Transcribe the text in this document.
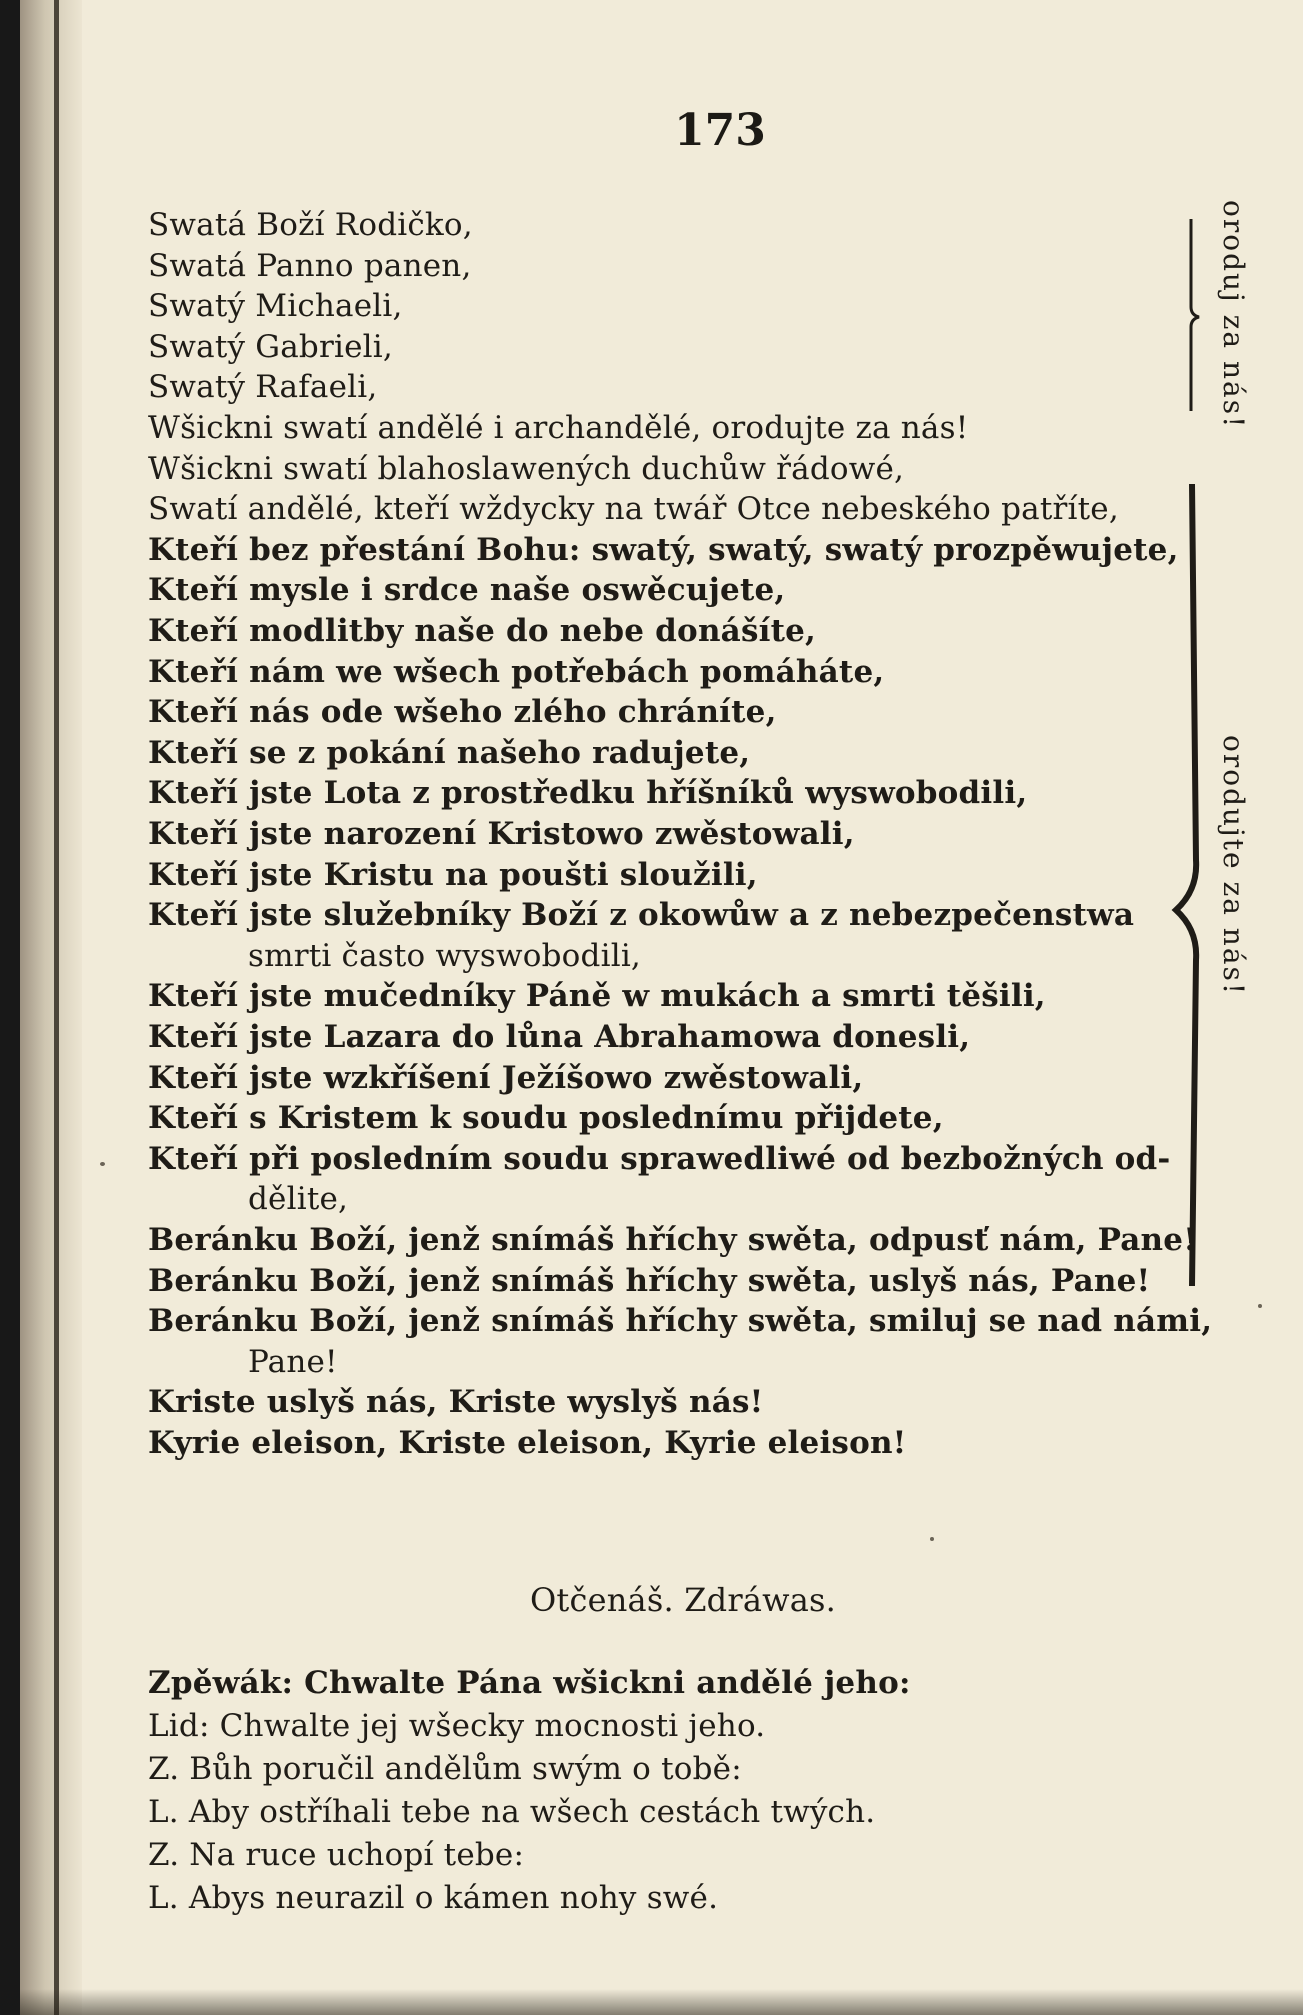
173
Swatá Boží Rodičko,
Swatá Panno panen,
Swatý Michaeli,
Swatý Gabrieli,
Swatý Rafaeli,
Wšickni swatí andělé i archandělé, orodujte za nás!
Wšickni swatí blahoslawených duchůw řádowé,
Swatí andělé, kteří wždycky na twář Otce nebeského patříte,
Kteří bez přestání Bohu: swatý, swatý, swatý prozpěwujete,
Kteří mysle i srdce naše oswěcujete,
Kteří modlitby naše do nebe donášíte,
Kteří nám we wšech potřebách pomáháte,
Kteří nás ode wšeho zlého chráníte,
Kteří se z pokání našeho radujete,
Kteří jste Lota z prostředku hříšníků wyswobodili,
Kteří jste narození Kristowo zwěstowali,
Kteří jste Kristu na poušti sloužili,
Kteří jste služebníky Boží z okowůw a z nebezpečenstwa
smrti často wyswobodili,
Kteří jste mučedníky Páně w mukách a smrti těšili,
Kteří jste Lazara do lůna Abrahamowa donesli,
Kteří jste wzkříšení Ježíšowo zwěstowali,
Kteří s Kristem k soudu poslednímu přijdete,
Kteří při posledním soudu sprawedliwé od bezbožných od-
dělite,
Beránku Boží, jenž snímáš hříchy swěta, odpusť nám, Pane!
Beránku Boží, jenž snímáš hříchy swěta, uslyš nás, Pane!
Beránku Boží, jenž snímáš hříchy swěta, smiluj se nad námi,
Pane!
Kriste uslyš nás, Kriste wyslyš nás!
Kyrie eleison, Kriste eleison, Kyrie eleison!
Otčenáš. Zdráwas.
Zpěwák: Chwalte Pána wšickni andělé jeho:
Lid: Chwalte jej wšecky mocnosti jeho.
Z. Bůh poručil andělům swým o tobě:
L. Aby ostříhali tebe na wšech cestách twých.
Z. Na ruce uchopí tebe:
L. Abys neurazil o kámen nohy swé.
oroduj za nás!
orodujte za nás!
